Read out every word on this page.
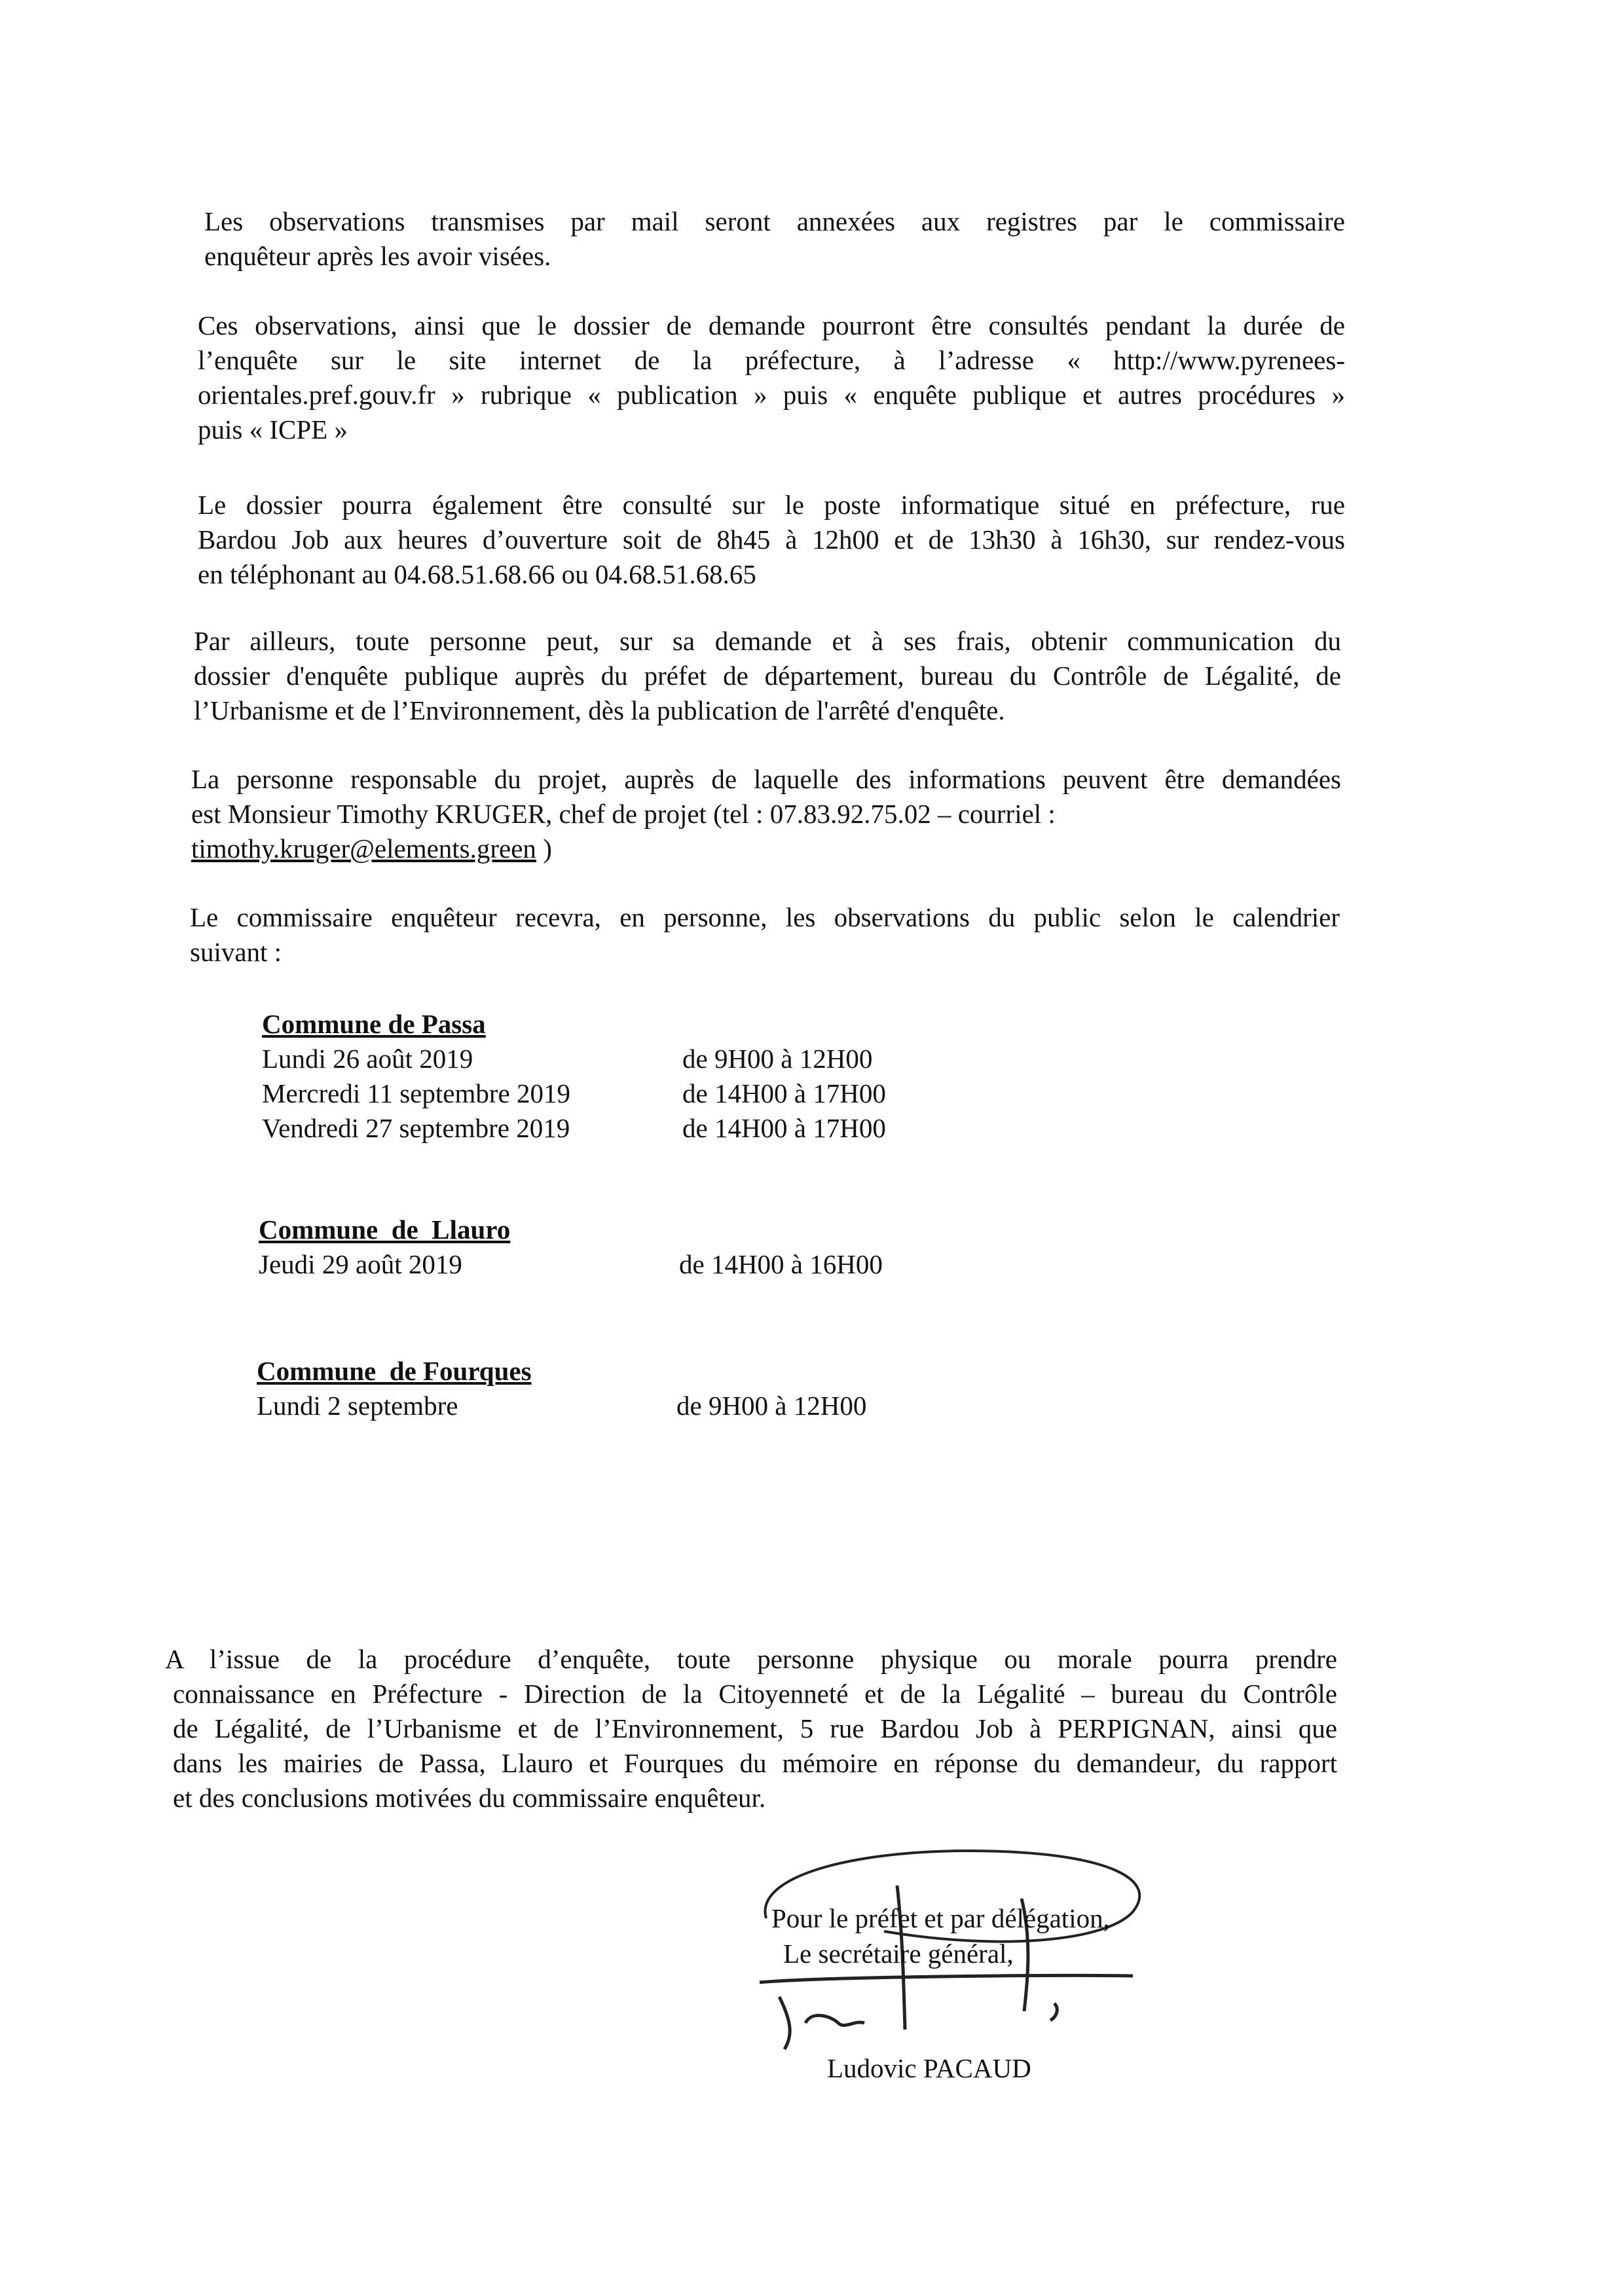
Les observations transmises par mail seront annexées aux registres par le commissaire
enquêteur après les avoir visées.
Ces observations, ainsi que le dossier de demande pourront être consultés pendant la durée de
l’enquête sur le site internet de la préfecture, à l’adresse « http://www.pyrenees-
orientales.pref.gouv.fr » rubrique « publication » puis « enquête publique et autres procédures »
puis « ICPE »
Le dossier pourra également être consulté sur le poste informatique situé en préfecture, rue
Bardou Job aux heures d’ouverture soit de 8h45 à 12h00 et de 13h30 à 16h30, sur rendez-vous
en téléphonant au 04.68.51.68.66 ou 04.68.51.68.65
Par ailleurs, toute personne peut, sur sa demande et à ses frais, obtenir communication du
dossier d'enquête publique auprès du préfet de département, bureau du Contrôle de Légalité, de
l’Urbanisme et de l’Environnement, dès la publication de l'arrêté d'enquête.
La personne responsable du projet, auprès de laquelle des informations peuvent être demandées
est Monsieur Timothy KRUGER, chef de projet (tel : 07.83.92.75.02 – courriel :
timothy.kruger@elements.green )
Le commissaire enquêteur recevra, en personne, les observations du public selon le calendrier
suivant :
Commune de Passa
Lundi 26 août 2019	de 9H00 à 12H00
Mercredi 11 septembre 2019	de 14H00 à 17H00
Vendredi 27 septembre 2019	de 14H00 à 17H00
Commune  de  Llauro
Jeudi 29 août 2019	de 14H00 à 16H00
Commune  de Fourques
Lundi 2 septembre	de 9H00 à 12H00
A l’issue de la procédure d’enquête, toute personne physique ou morale pourra prendre
connaissance en Préfecture - Direction de la Citoyenneté et de la Légalité – bureau du Contrôle
de Légalité, de l’Urbanisme et de l’Environnement, 5 rue Bardou Job à PERPIGNAN, ainsi que
dans les mairies de Passa, Llauro et Fourques du mémoire en réponse du demandeur, du rapport
et des conclusions motivées du commissaire enquêteur.
Pour le préfet et par délégation,
Le secrétaire général,
Ludovic PACAUD
